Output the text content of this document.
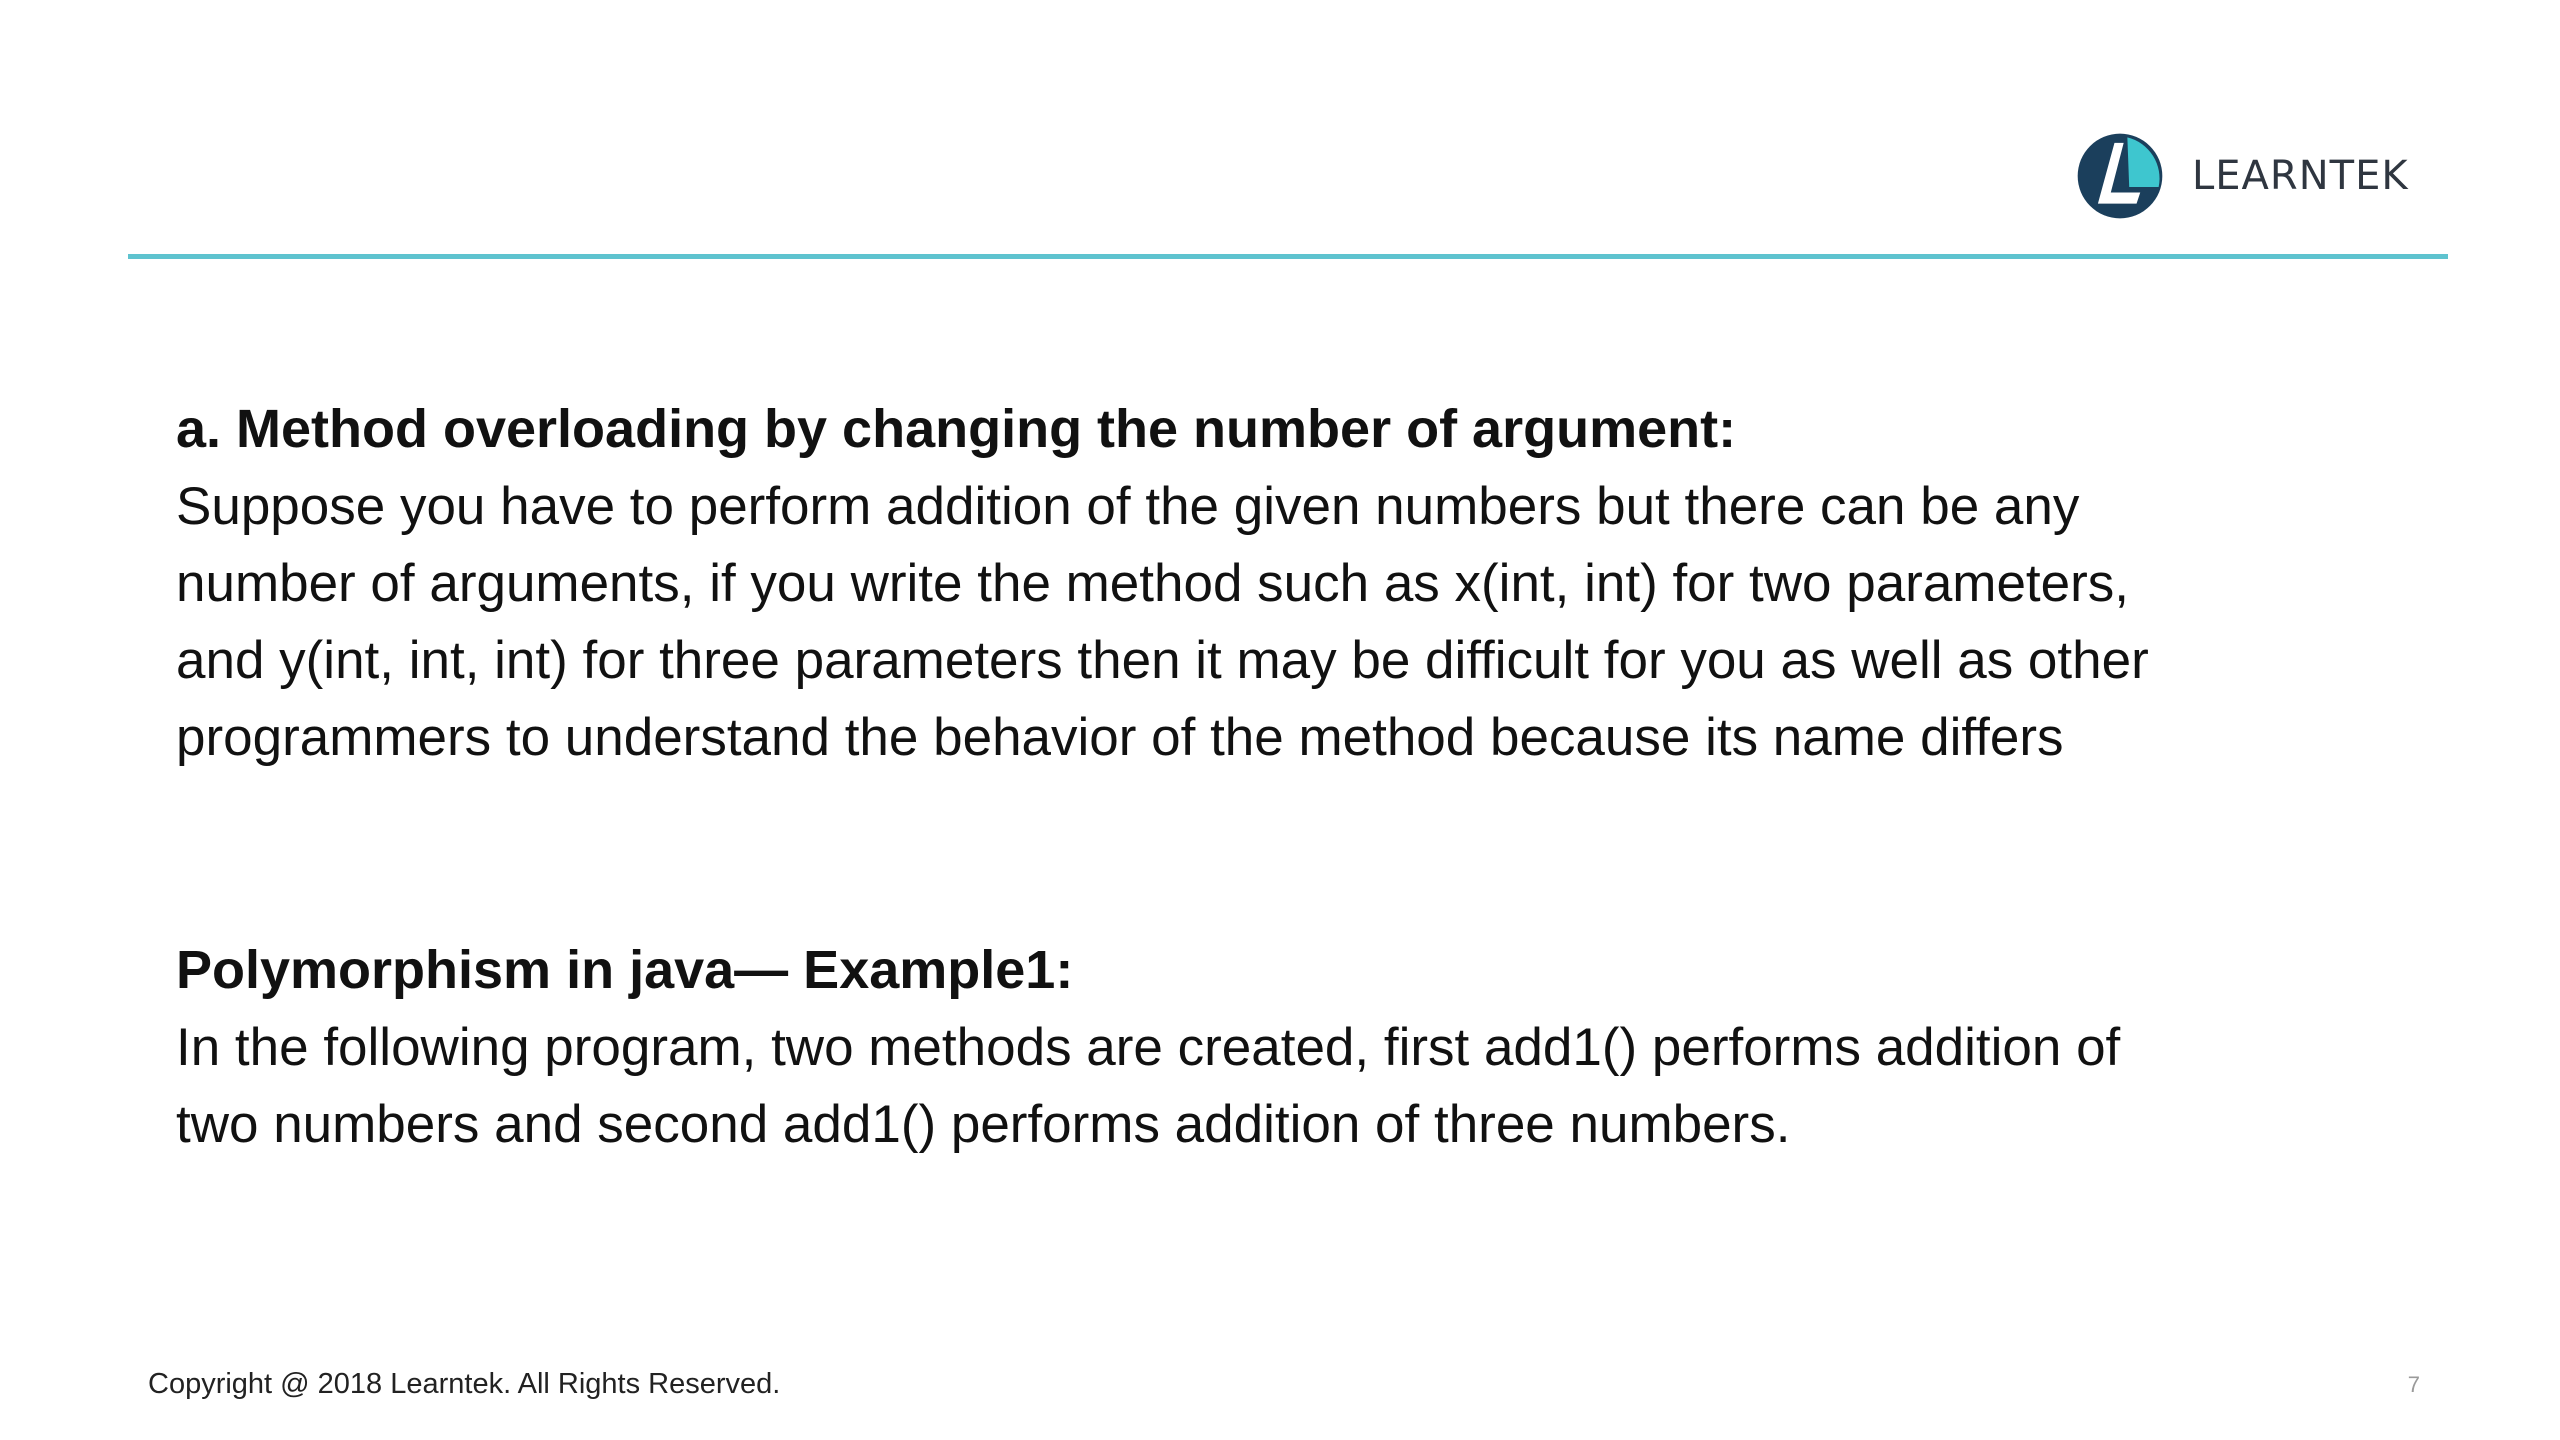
LEARNTEK
a. Method overloading by changing the number of argument:

Suppose you have to perform addition of the given numbers but there can be any
number of arguments, if you write the method such as x(int, int) for two parameters,
and y(int, int, int) for three parameters then it may be difficult for you as well as other
programmers to understand the behavior of the method because its name differs

Polymorphism in java— Example1:

In the following program, two methods are created, first add1() performs addition of
two numbers and second add1() performs addition of three numbers.

Copyright @ 2018 Learntek. All Rights Reserved.	7
